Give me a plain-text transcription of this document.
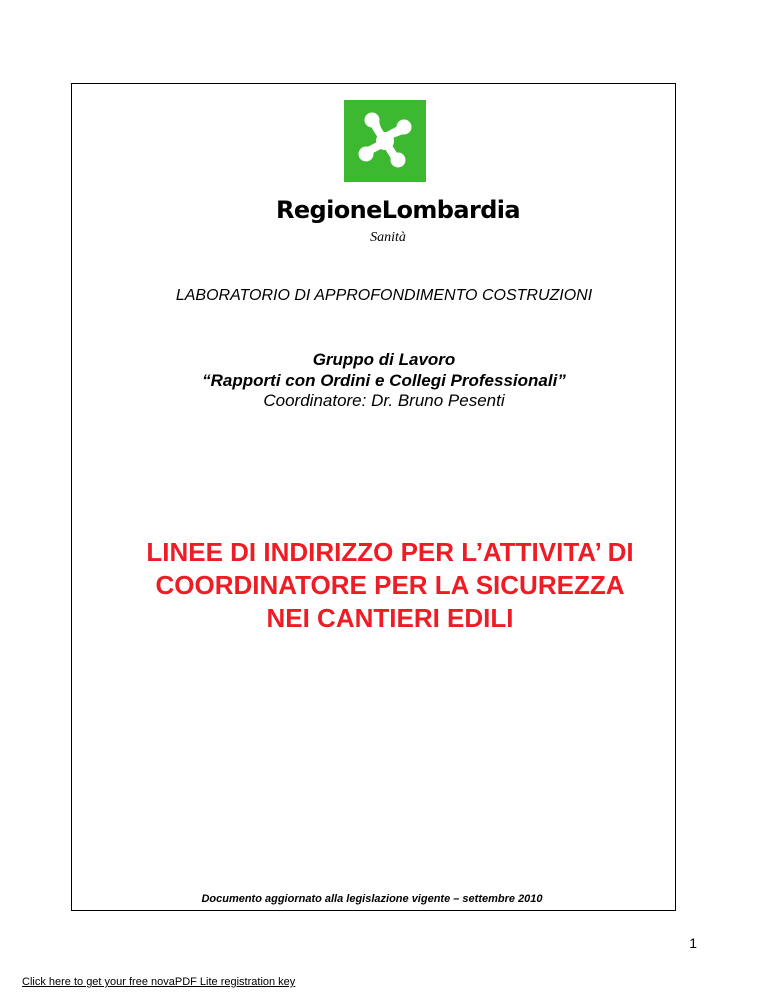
RegioneLombardia
Sanità
LABORATORIO DI APPROFONDIMENTO COSTRUZIONI
Gruppo di Lavoro
“Rapporti con Ordini e Collegi Professionali”
Coordinatore: Dr. Bruno Pesenti
LINEE DI INDIRIZZO PER L’ATTIVITA’ DI
COORDINATORE PER LA SICUREZZA
NEI CANTIERI EDILI
Documento aggiornato alla legislazione vigente – settembre 2010
1
Click here to get your free novaPDF Lite registration key
